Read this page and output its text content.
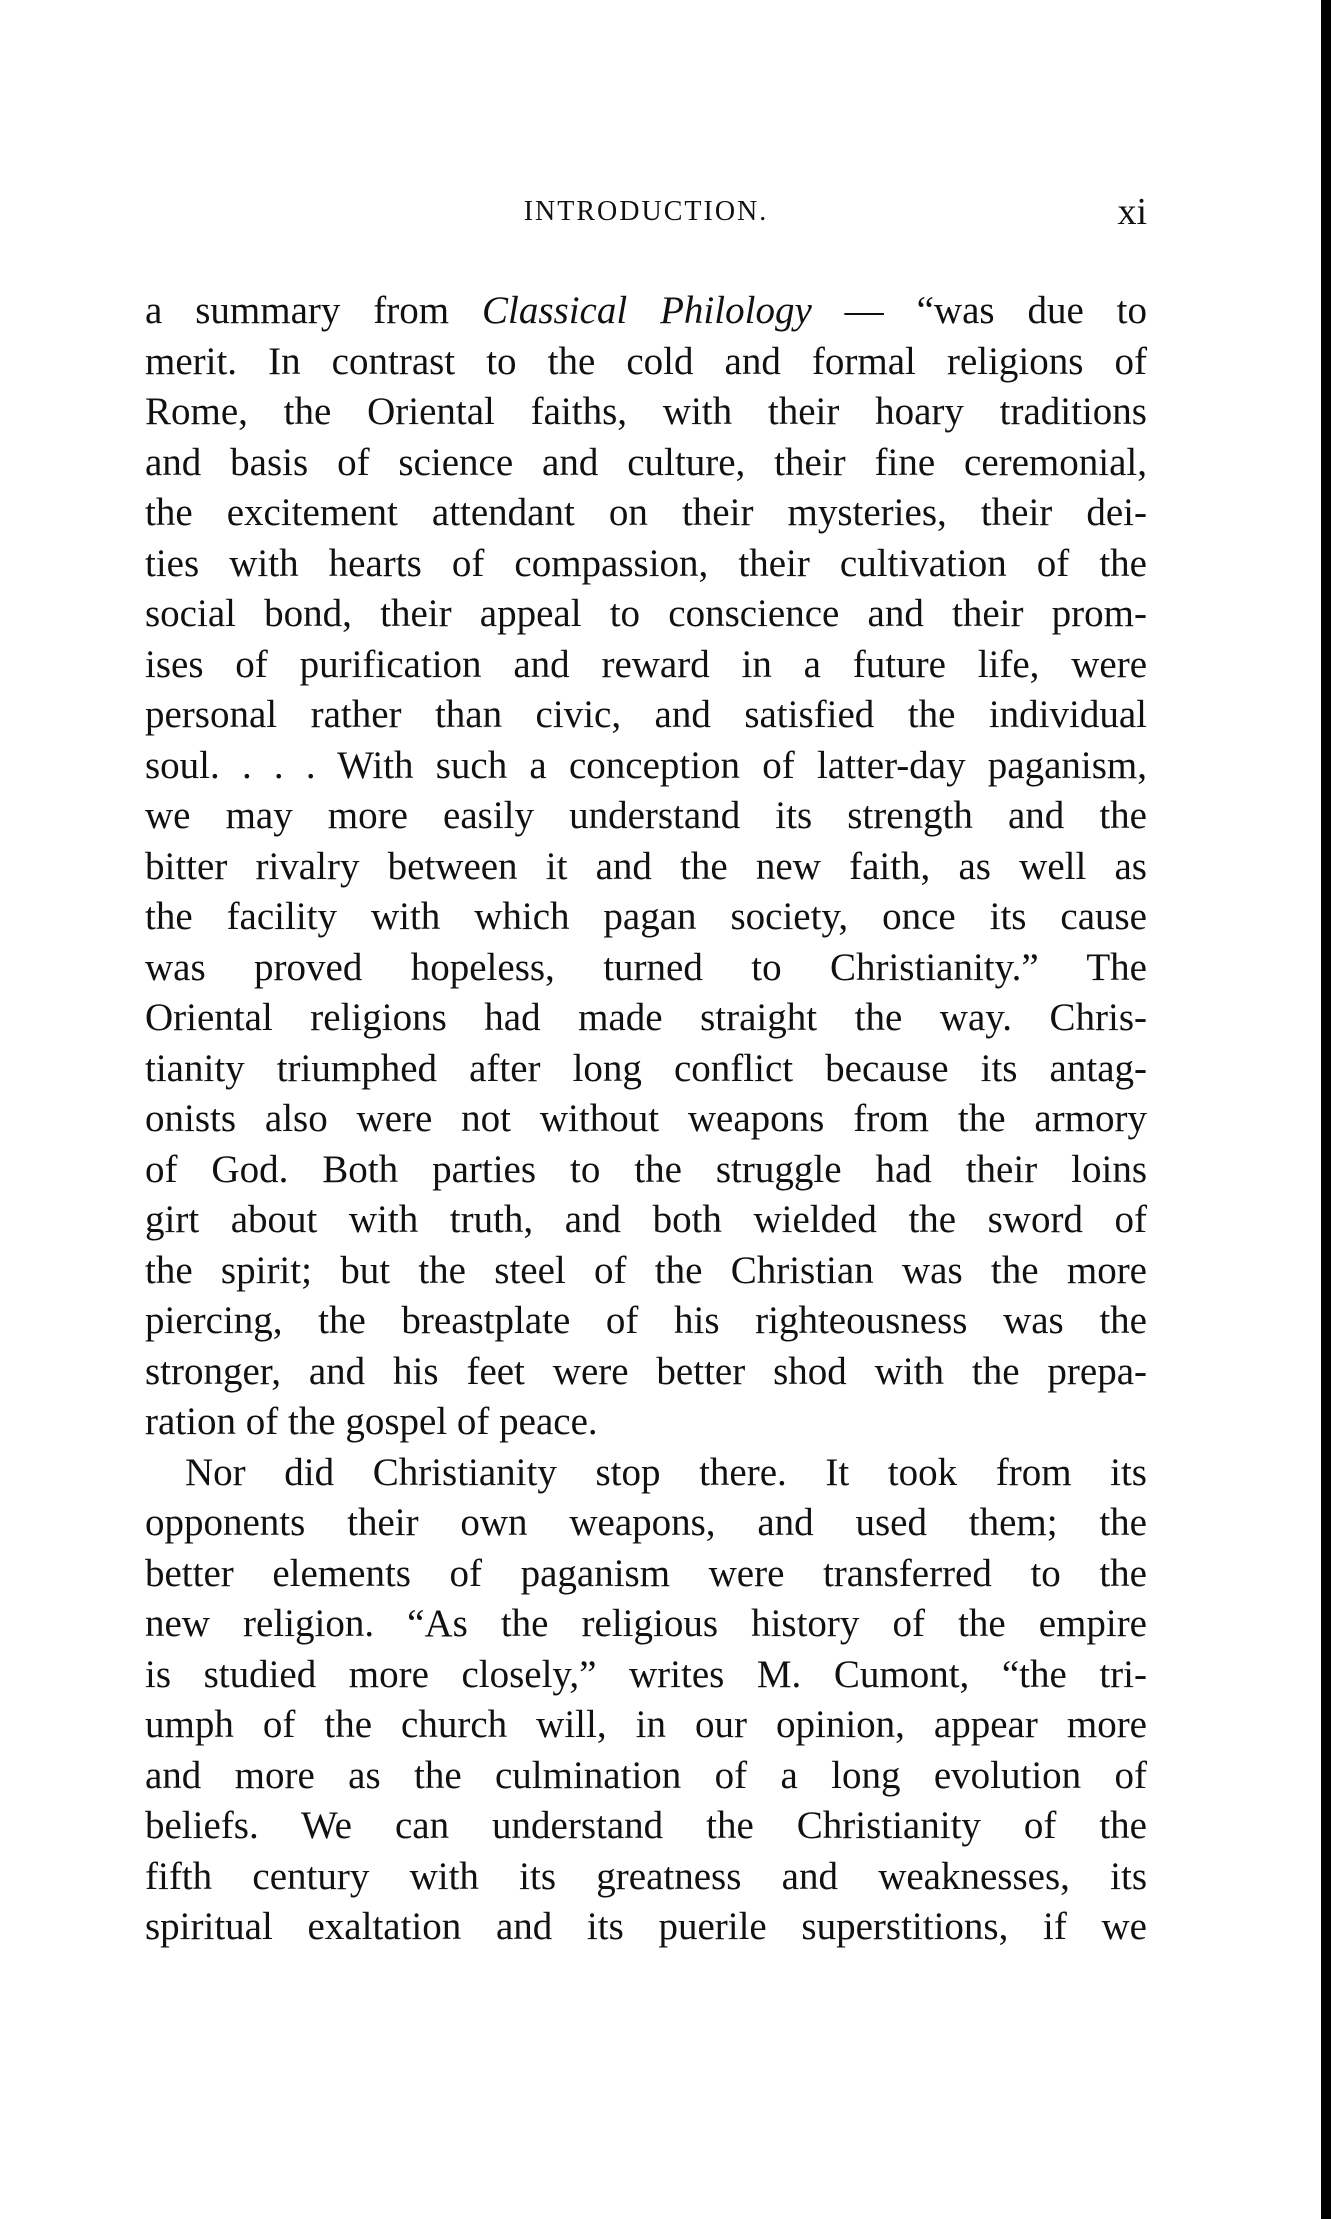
INTRODUCTION.	xi
a summary from Classical Philology — “was due to
merit. In contrast to the cold and formal religions of
Rome, the Oriental faiths, with their hoary traditions
and basis of science and culture, their fine ceremonial,
the excitement attendant on their mysteries, their dei-
ties with hearts of compassion, their cultivation of the
social bond, their appeal to conscience and their prom-
ises of purification and reward in a future life, were
personal rather than civic, and satisfied the individual
soul. . . . With such a conception of latter-day paganism,
we may more easily understand its strength and the
bitter rivalry between it and the new faith, as well as
the facility with which pagan society, once its cause
was proved hopeless, turned to Christianity.” The
Oriental religions had made straight the way. Chris-
tianity triumphed after long conflict because its antag-
onists also were not without weapons from the armory
of God. Both parties to the struggle had their loins
girt about with truth, and both wielded the sword of
the spirit; but the steel of the Christian was the more
piercing, the breastplate of his righteousness was the
stronger, and his feet were better shod with the prepa-
ration of the gospel of peace.
Nor did Christianity stop there. It took from its
opponents their own weapons, and used them; the
better elements of paganism were transferred to the
new religion. “As the religious history of the empire
is studied more closely,” writes M. Cumont, “the tri-
umph of the church will, in our opinion, appear more
and more as the culmination of a long evolution of
beliefs. We can understand the Christianity of the
fifth century with its greatness and weaknesses, its
spiritual exaltation and its puerile superstitions, if we
